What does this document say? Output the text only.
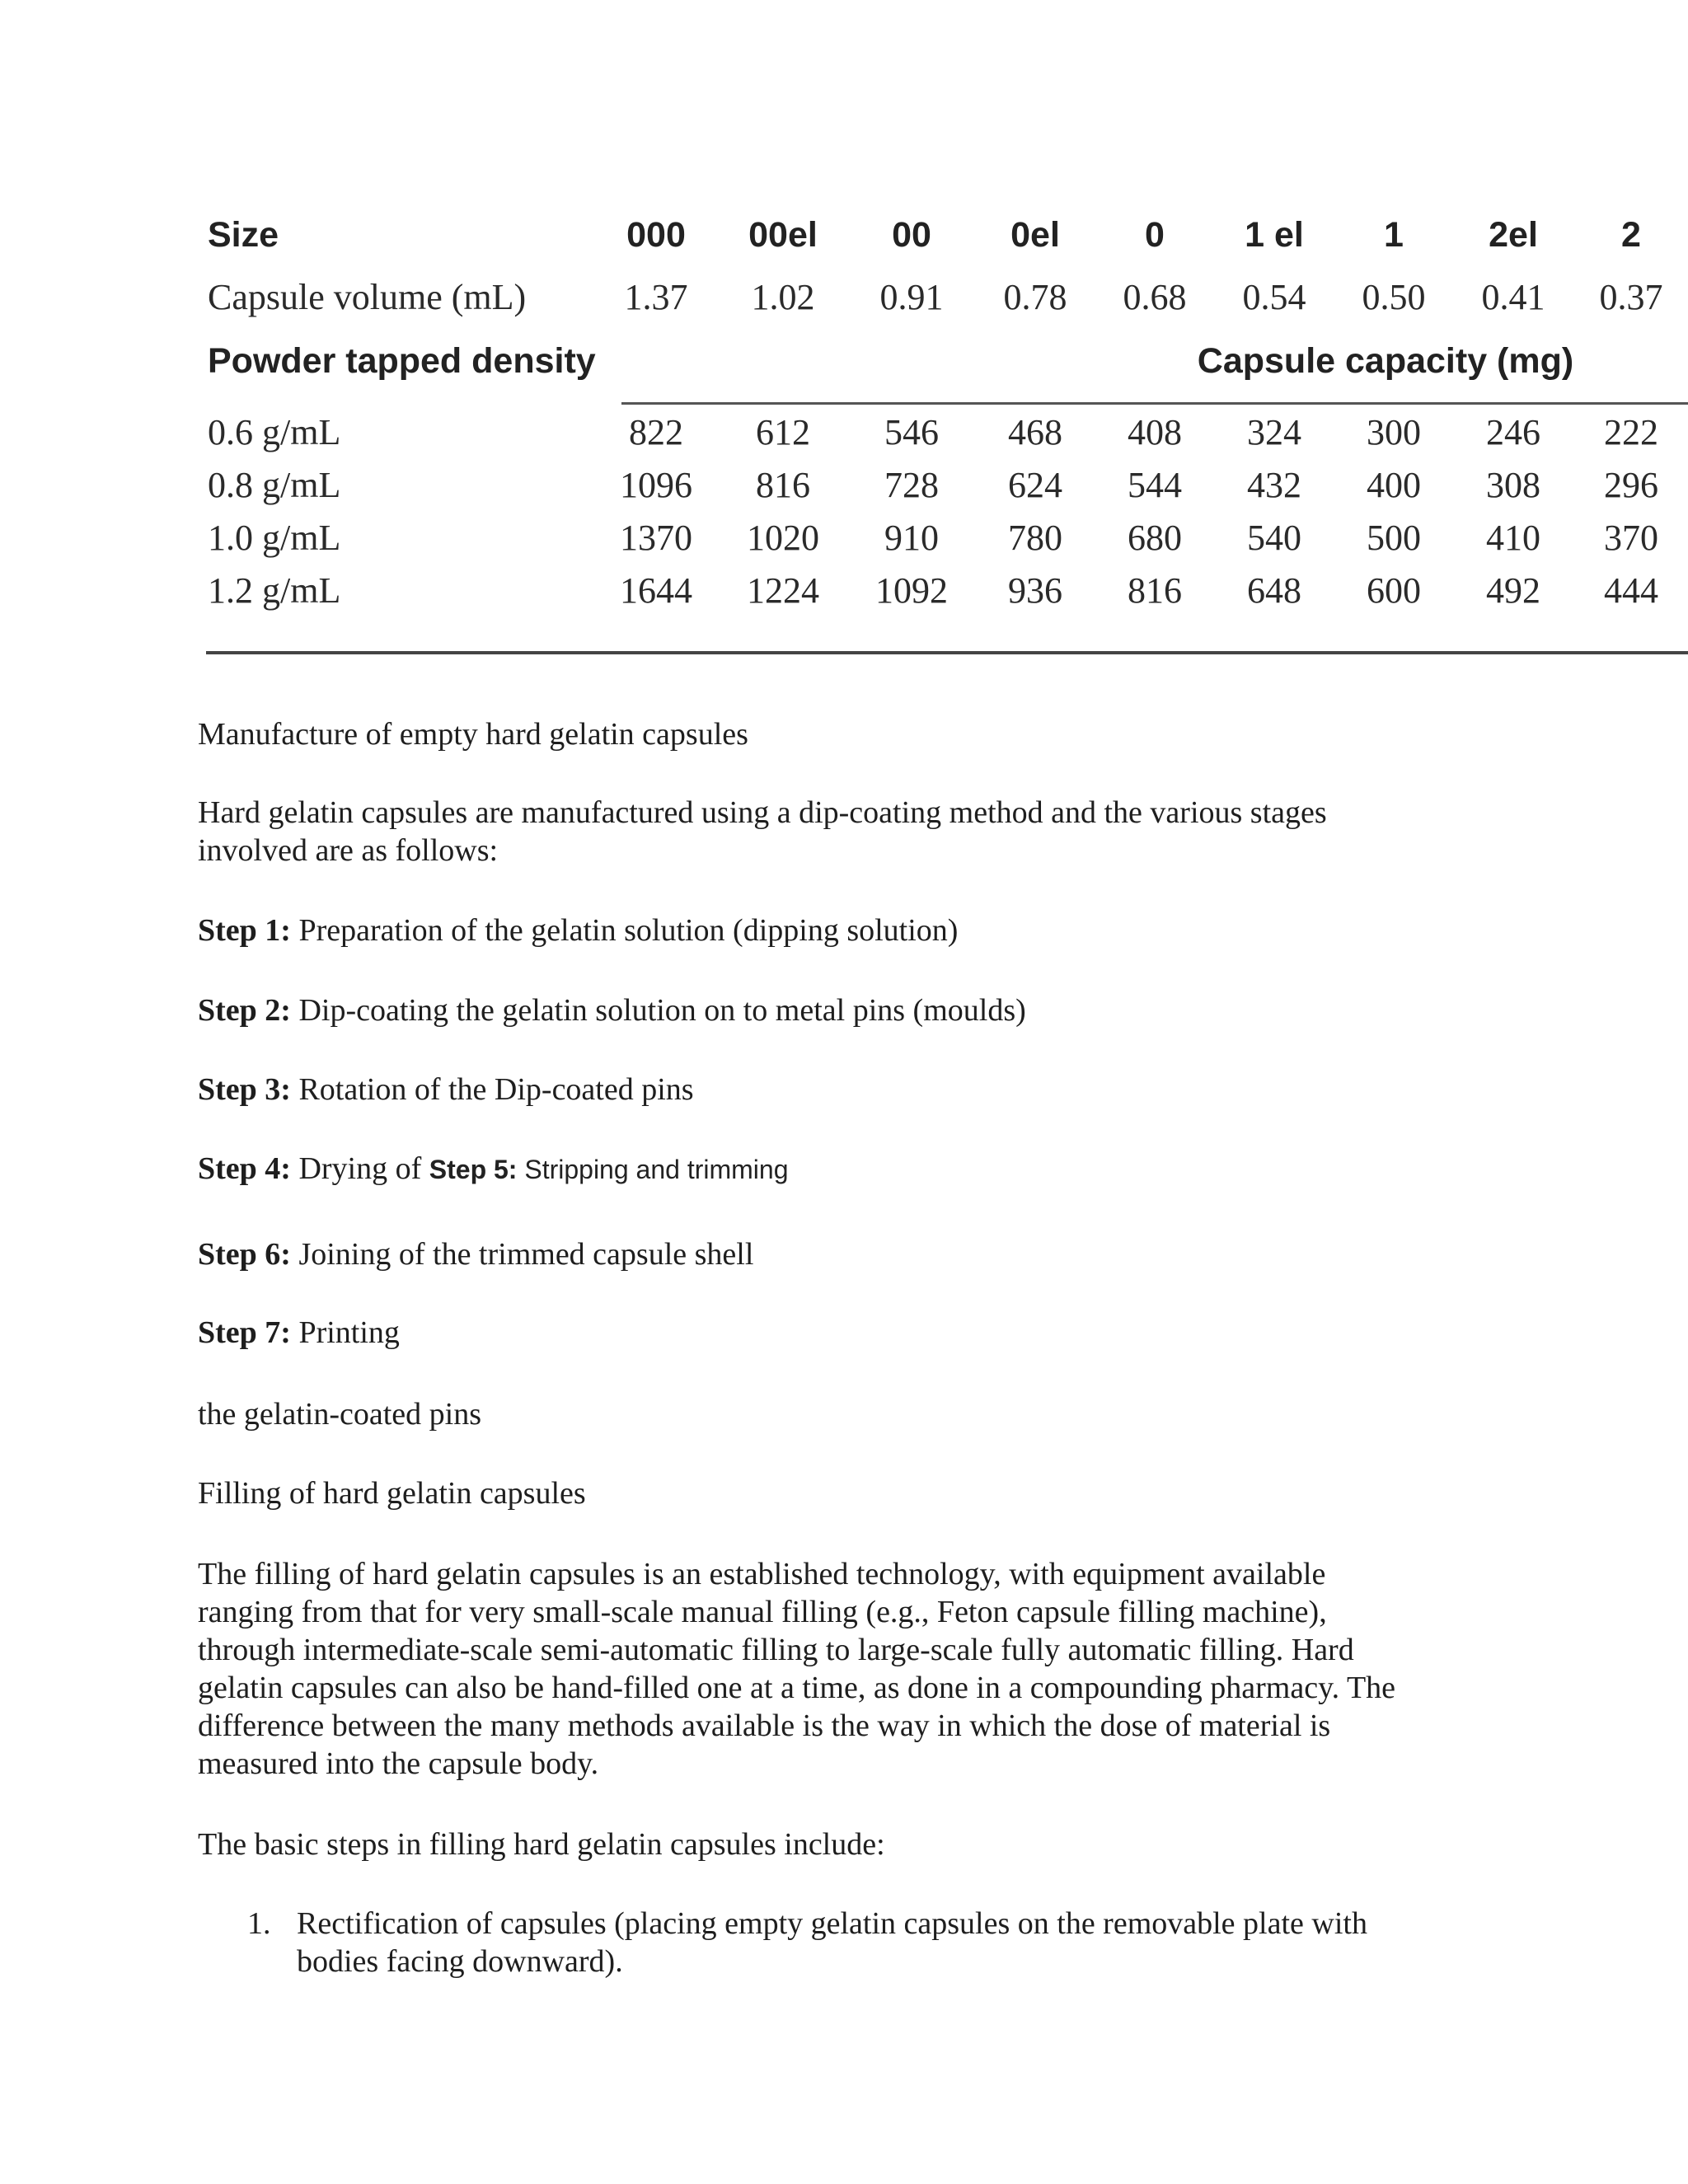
Size	000	00el	00	0el	0	1 el	1	2el	2
Capsule volume (mL)	1.37	1.02	0.91	0.78	0.68	0.54	0.50	0.41	0.37
Powder tapped density	Capsule capacity (mg)
0.6 g/mL	822	612	546	468	408	324	300	246	222
0.8 g/mL	1096	816	728	624	544	432	400	308	296
1.0 g/mL	1370	1020	910	780	680	540	500	410	370
1.2 g/mL	1644	1224	1092	936	816	648	600	492	444
Manufacture of empty hard gelatin capsules
Hard gelatin capsules are manufactured using a dip-coating method and the various stages
involved are as follows:
Step 1: Preparation of the gelatin solution (dipping solution)
Step 2: Dip-coating the gelatin solution on to metal pins (moulds)
Step 3: Rotation of the Dip-coated pins
Step 4: Drying of Step 5: Stripping and trimming
Step 6: Joining of the trimmed capsule shell
Step 7: Printing
the gelatin-coated pins
Filling of hard gelatin capsules
The filling of hard gelatin capsules is an established technology, with equipment available
ranging from that for very small-scale manual filling (e.g., Feton capsule filling machine),
through intermediate-scale semi-automatic filling to large-scale fully automatic filling. Hard
gelatin capsules can also be hand-filled one at a time, as done in a compounding pharmacy. The
difference between the many methods available is the way in which the dose of material is
measured into the capsule body.
The basic steps in filling hard gelatin capsules include:
1. Rectification of capsules (placing empty gelatin capsules on the removable plate with
bodies facing downward).
